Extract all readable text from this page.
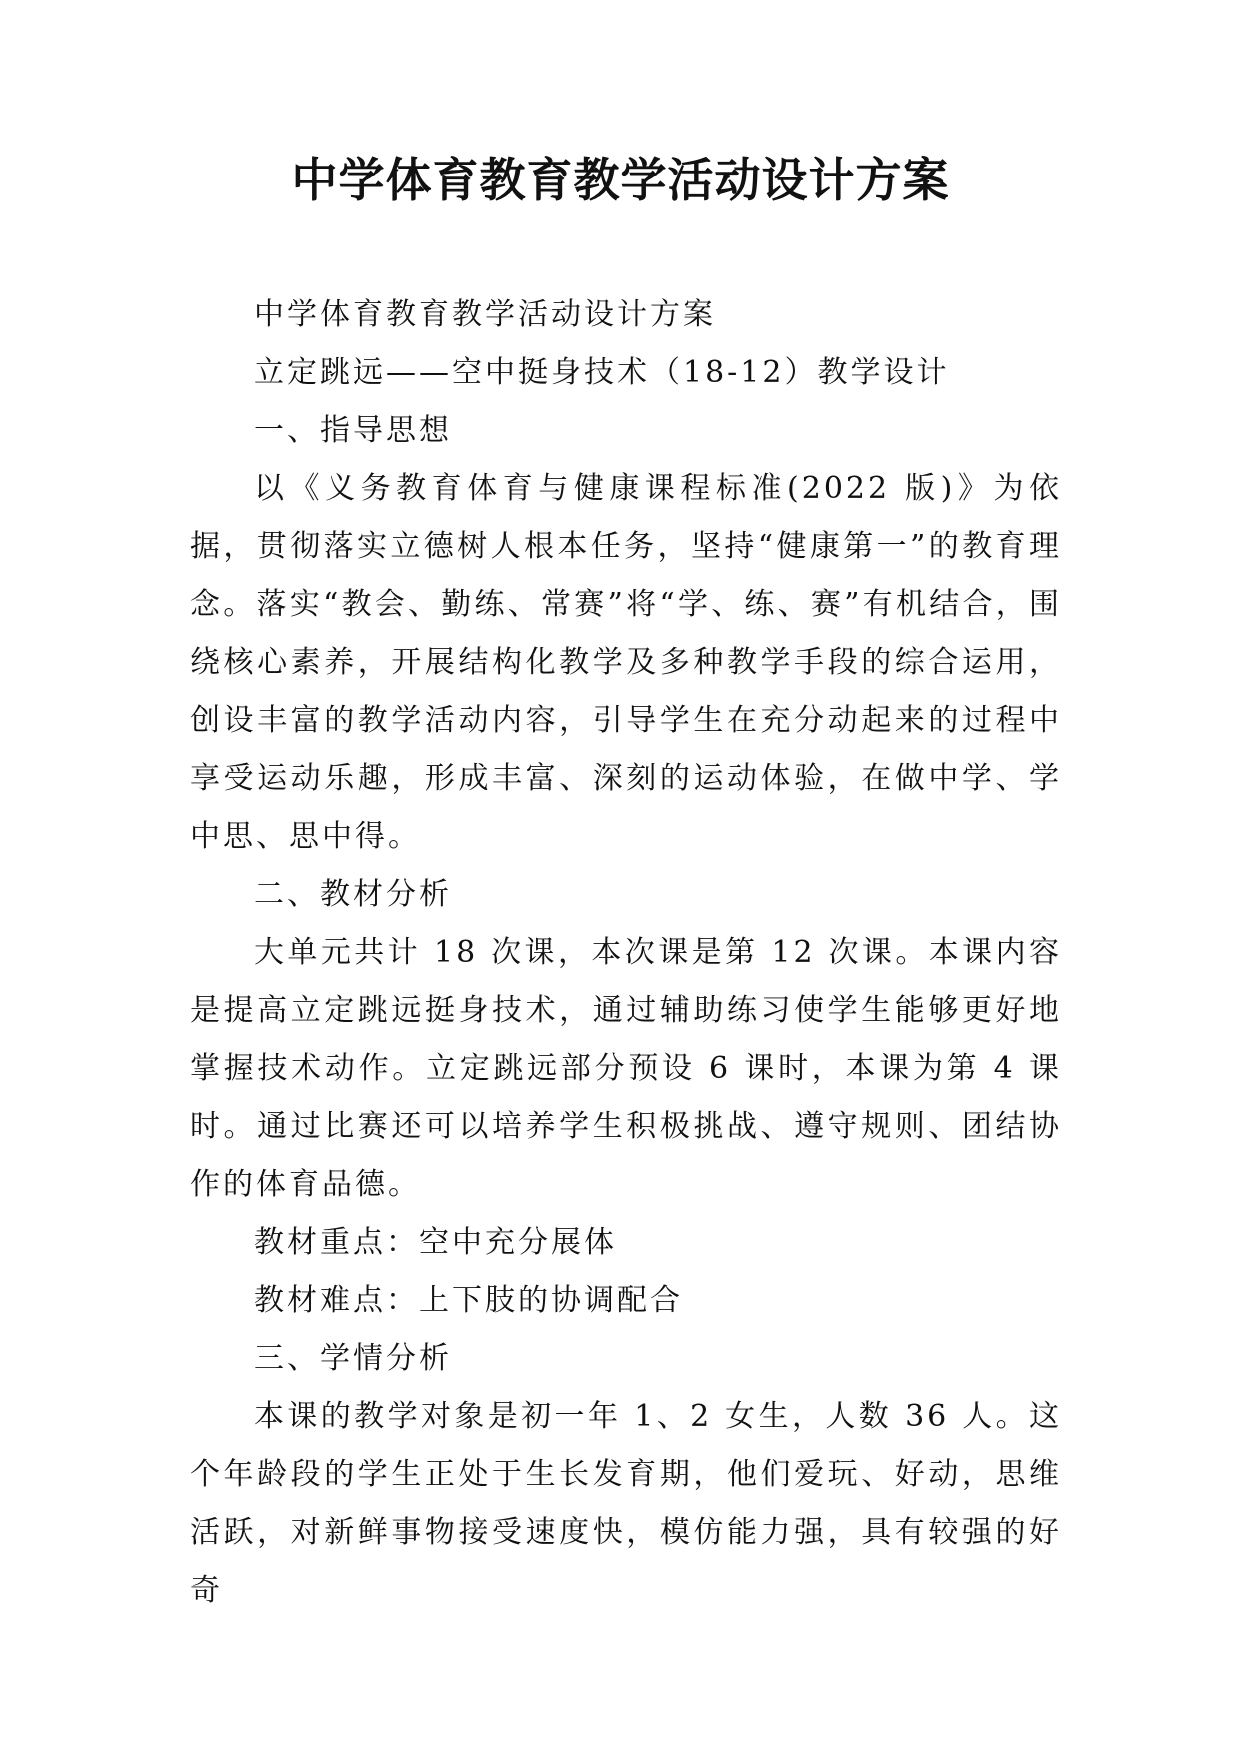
中学体育教育教学活动设计方案

中学体育教育教学活动设计方案

立定跳远——空中挺身技术（18-12）教学设计

一、指导思想

以《义务教育体育与健康课程标准(2022 版)》为依据，贯彻落实立德树人根本任务，坚持“健康第一”的教育理念。落实“教会、勤练、常赛”将“学、练、赛”有机结合，围绕核心素养，开展结构化教学及多种教学手段的综合运用，创设丰富的教学活动内容，引导学生在充分动起来的过程中享受运动乐趣，形成丰富、深刻的运动体验，在做中学、学中思、思中得。

二、教材分析

大单元共计 18 次课，本次课是第 12 次课。本课内容是提高立定跳远挺身技术，通过辅助练习使学生能够更好地掌握技术动作。立定跳远部分预设 6 课时，本课为第 4 课时。通过比赛还可以培养学生积极挑战、遵守规则、团结协作的体育品德。

教材重点：空中充分展体

教材难点：上下肢的协调配合

三、学情分析

本课的教学对象是初一年 1、2 女生，人数 36 人。这个年龄段的学生正处于生长发育期，他们爱玩、好动，思维活跃，对新鲜事物接受速度快，模仿能力强，具有较强的好奇
